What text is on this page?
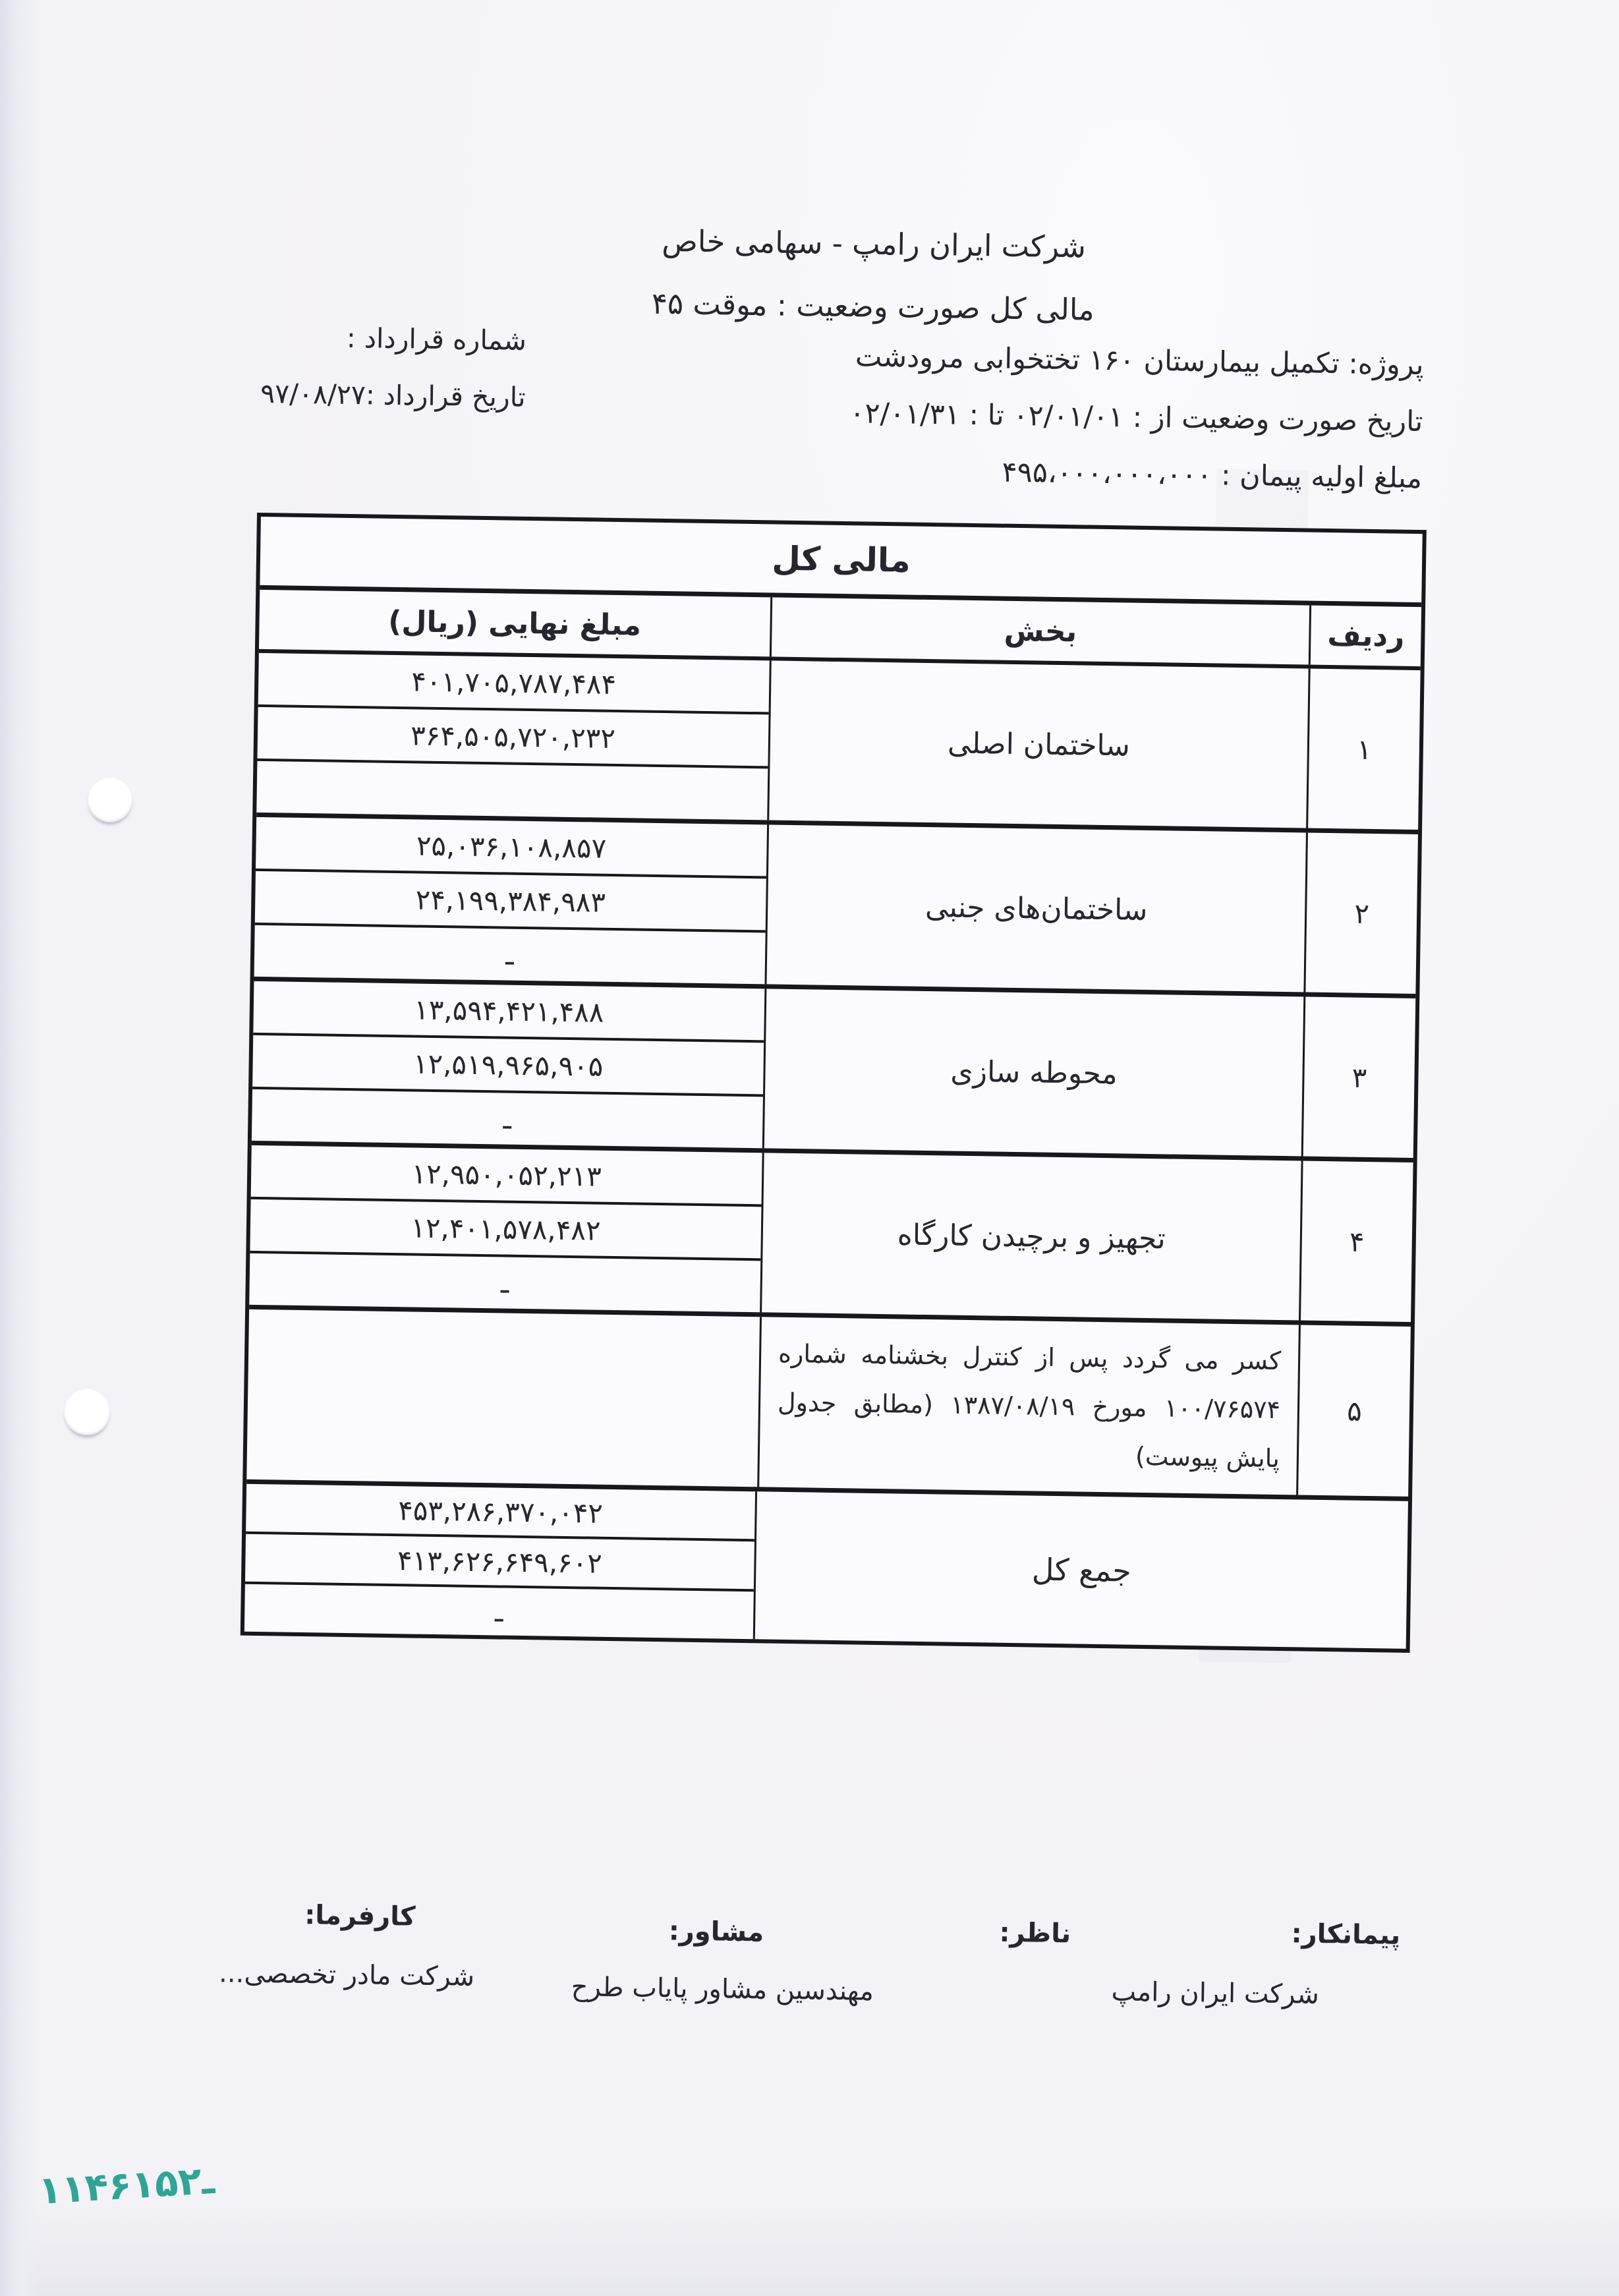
شرکت ایران رامپ - سهامی خاص
مالی کل صورت وضعیت : موقت ۴۵
پروژه: تکمیل بیمارستان ۱۶۰ تختخوابی مرودشت
تاریخ صورت وضعیت از : ۰۲/۰۱/۰۱ تا : ۰۲/۰۱/۳۱
مبلغ اولیه پیمان : ۴۹۵،۰۰۰،۰۰۰،۰۰۰
شماره قرارداد :
تاریخ قرارداد :۹۷/۰۸/۲۷
مالی کل
ردیف
بخش
مبلغ نهایی (ریال)
۱
ساختمان اصلی
۴۰۱,۷۰۵,۷۸۷,۴۸۴
۳۶۴,۵۰۵,۷۲۰,۲۳۲
۲
ساختمان‌های جنبی
۲۵,۰۳۶,۱۰۸,۸۵۷
۲۴,۱۹۹,۳۸۴,۹۸۳
ـ
۳
محوطه سازی
۱۳,۵۹۴,۴۲۱,۴۸۸
۱۲,۵۱۹,۹۶۵,۹۰۵
ـ
۴
تجهیز و برچیدن کارگاه
۱۲,۹۵۰,۰۵۲,۲۱۳
۱۲,۴۰۱,۵۷۸,۴۸۲
ـ
۵

کسر می گردد پس از کنترل بخشنامه شماره ۱۰۰/۷۶۵۷۴ مورخ ۱۳۸۷/۰۸/۱۹ (مطابق جدول پایش پیوست)

جمع کل
۴۵۳,۲۸۶,۳۷۰,۰۴۲
۴۱۳,۶۲۶,۶۴۹,۶۰۲
ـ
پیمانکار:
شرکت ایران رامپ
ناظر:
مشاور:
مهندسین مشاور پایاب طرح
کارفرما:
شرکت مادر تخصصی...
۱۱۴۶۱۵ـ۲
